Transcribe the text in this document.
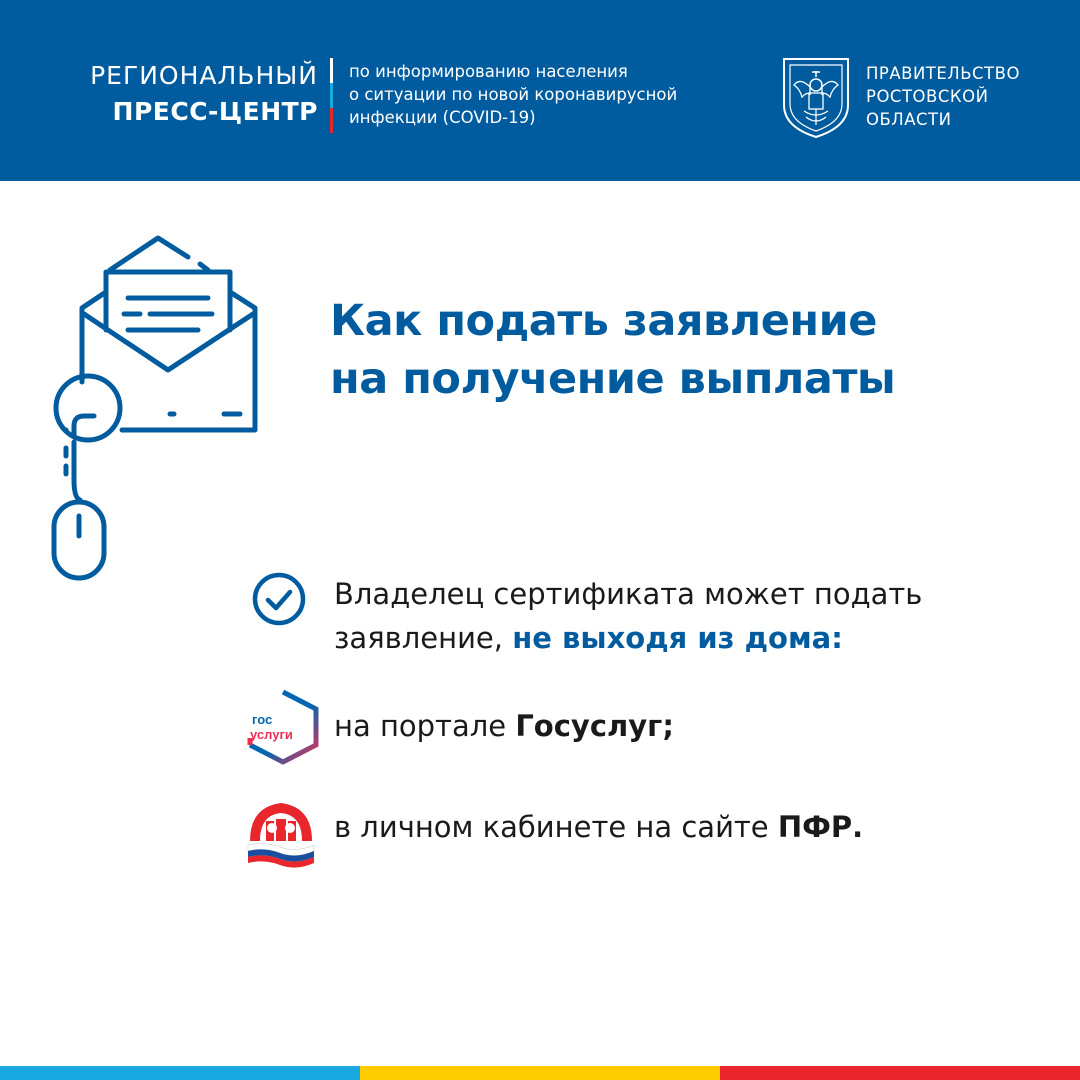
РЕГИОНАЛЬНЫЙ
ПРЕСС-ЦЕНТР
по информированию населения
о ситуации по новой коронавирусной
инфекции (COVID-19)
ПРАВИТЕЛЬСТВО
РОСТОВСКОЙ
ОБЛАСТИ
Как подать заявление
на получение выплаты
Владелец сертификата может подать
заявление, не выходя из дома:
гос
услуги на портале Госуслуг;
в личном кабинете на сайте ПФР.
